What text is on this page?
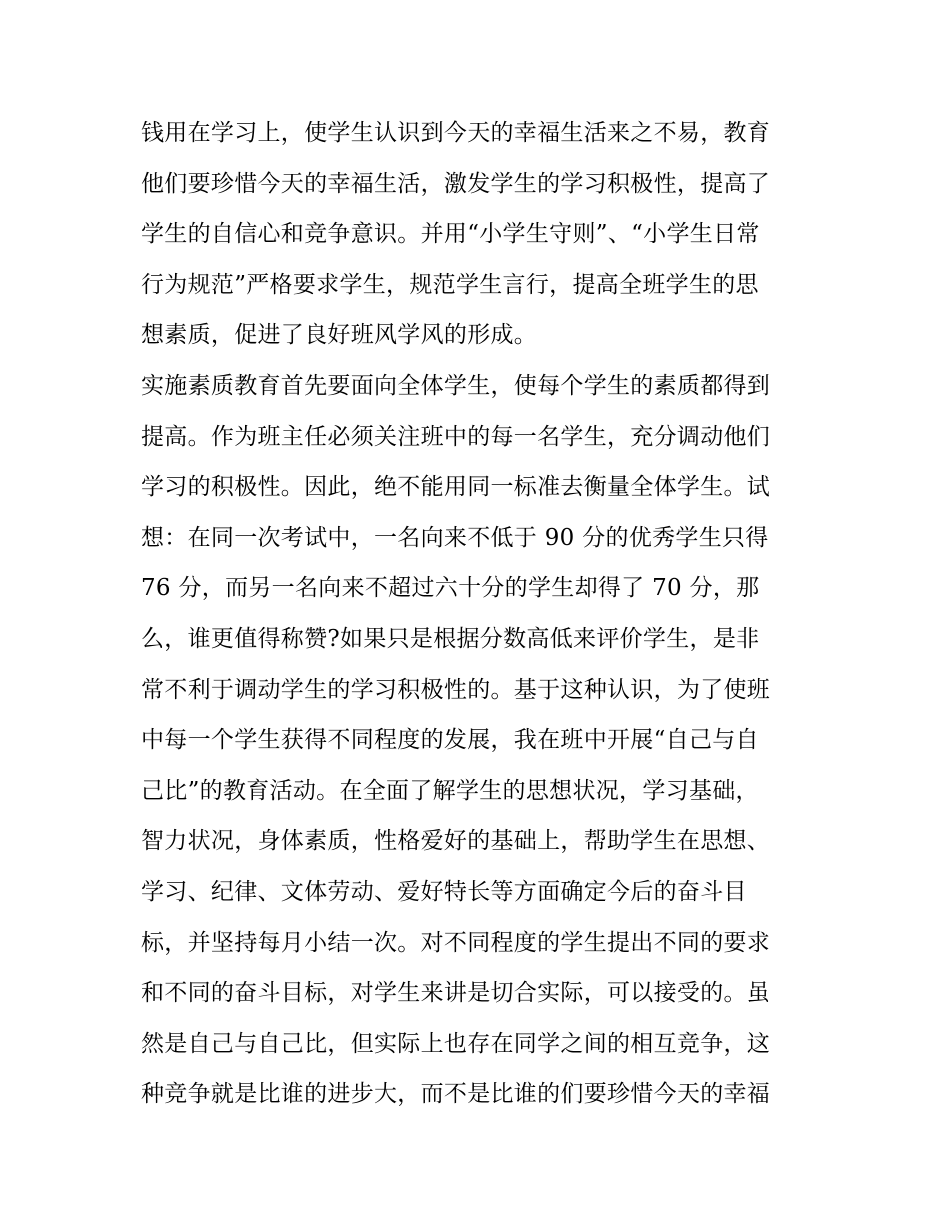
钱用在学习上，使学生认识到今天的幸福生活来之不易，教育
他们要珍惜今天的幸福生活，激发学生的学习积极性，提高了
学生的自信心和竞争意识。并用“小学生守则”、“小学生日常
行为规范”严格要求学生，规范学生言行，提高全班学生的思
想素质，促进了良好班风学风的形成。
实施素质教育首先要面向全体学生，使每个学生的素质都得到
提高。作为班主任必须关注班中的每一名学生，充分调动他们
学习的积极性。因此，绝不能用同一标准去衡量全体学生。试
想：在同一次考试中，一名向来不低于 90 分的优秀学生只得
76 分，而另一名向来不超过六十分的学生却得了 70 分，那
么，谁更值得称赞?如果只是根据分数高低来评价学生，是非
常不利于调动学生的学习积极性的。基于这种认识，为了使班
中每一个学生获得不同程度的发展，我在班中开展“自己与自
己比”的教育活动。在全面了解学生的思想状况，学习基础，
智力状况，身体素质，性格爱好的基础上，帮助学生在思想、
学习、纪律、文体劳动、爱好特长等方面确定今后的奋斗目
标，并坚持每月小结一次。对不同程度的学生提出不同的要求
和不同的奋斗目标，对学生来讲是切合实际，可以接受的。虽
然是自己与自己比，但实际上也存在同学之间的相互竞争，这
种竞争就是比谁的进步大，而不是比谁的们要珍惜今天的幸福
